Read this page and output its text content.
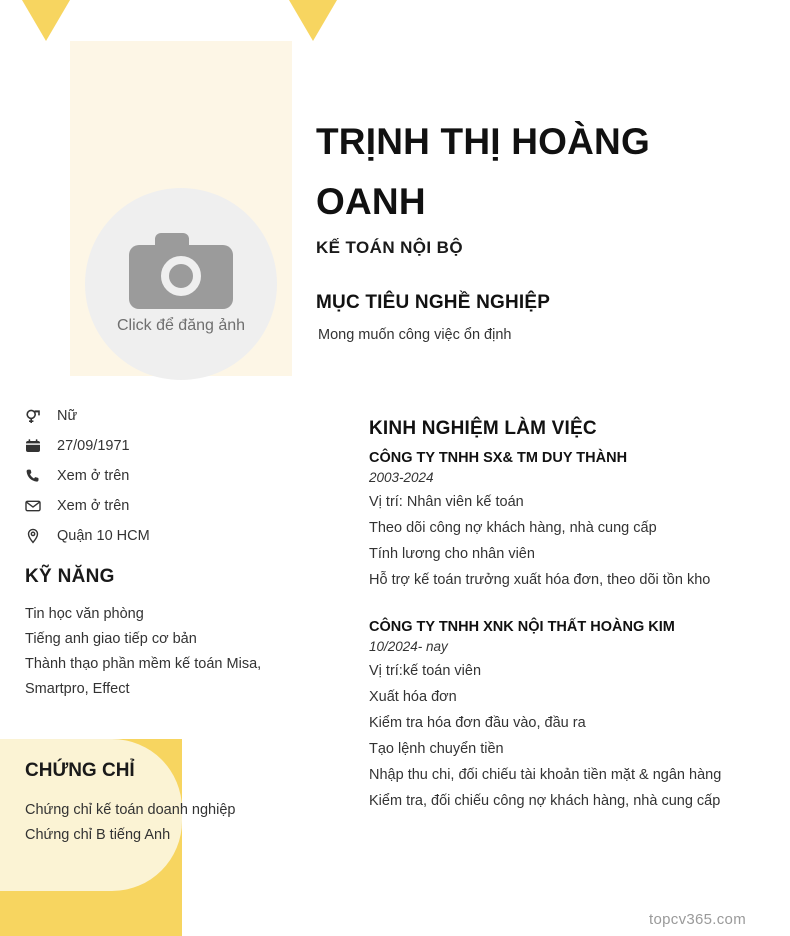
Click để đăng ảnh
TRỊNH THỊ HOÀNG OANH
KẾ TOÁN NỘI BỘ
MỤC TIÊU NGHỀ NGHIỆP
Mong muốn công việc ổn định
Nữ
27/09/1971
Xem ở trên
Xem ở trên
Quận 10 HCM
KỸ NĂNG
Tin học văn phòng
Tiếng anh giao tiếp cơ bản
Thành thạo phần mềm kế toán Misa, Smartpro, Effect
CHỨNG CHỈ
Chứng chỉ kế toán doanh nghiệp
Chứng chỉ B tiếng Anh
KINH NGHIỆM LÀM VIỆC
CÔNG TY TNHH SX& TM DUY THÀNH
2003-2024
Vị trí: Nhân viên kế toán
Theo dõi công nợ khách hàng, nhà cung cấp
Tính lương cho nhân viên
Hỗ trợ kế toán trưởng xuất hóa đơn, theo dõi tồn kho
CÔNG TY TNHH XNK NỘI THẤT HOÀNG KIM
10/2024- nay
Vị trí:kế toán viên
Xuất hóa đơn
Kiểm tra hóa đơn đầu vào, đầu ra
Tạo lệnh chuyển tiền
Nhập thu chi, đối chiếu tài khoản tiền mặt & ngân hàng
Kiểm tra, đối chiếu công nợ khách hàng, nhà cung cấp
topcv365.com
